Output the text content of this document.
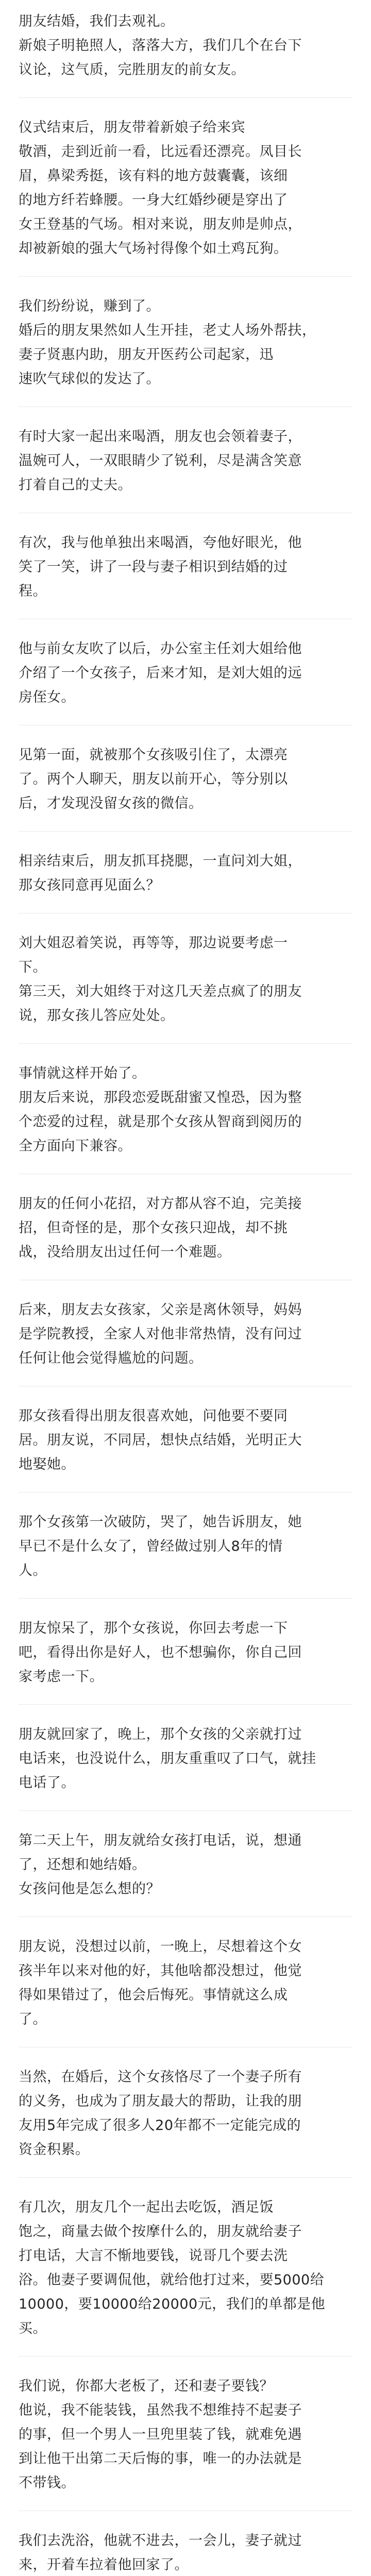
朋友结婚，我们去观礼。
新娘子明艳照人，落落大方，我们几个在台下
议论，这气质，完胜朋友的前女友。

仪式结束后，朋友带着新娘子给来宾
敬酒，走到近前一看，比远看还漂亮。凤目长
眉，鼻梁秀挺，该有料的地方鼓囊囊，该细
的地方纤若蜂腰。一身大红婚纱硬是穿出了
女王登基的气场。相对来说，朋友帅是帅点，
却被新娘的强大气场衬得像个如土鸡瓦狗。

我们纷纷说，赚到了。
婚后的朋友果然如人生开挂，老丈人场外帮扶，
妻子贤惠内助，朋友开医药公司起家，迅
速吹气球似的发达了。

有时大家一起出来喝酒，朋友也会领着妻子，
温婉可人，一双眼睛少了锐利，尽是满含笑意
打着自己的丈夫。

有次，我与他单独出来喝酒，夸他好眼光，他
笑了一笑，讲了一段与妻子相识到结婚的过
程。

他与前女友吹了以后，办公室主任刘大姐给他
介绍了一个女孩子，后来才知，是刘大姐的远
房侄女。

见第一面，就被那个女孩吸引住了，太漂亮
了。两个人聊天，朋友以前开心，等分别以
后，才发现没留女孩的微信。

相亲结束后，朋友抓耳挠腮，一直问刘大姐，
那女孩同意再见面么？

刘大姐忍着笑说，再等等，那边说要考虑一
下。
第三天，刘大姐终于对这几天差点疯了的朋友
说，那女孩儿答应处处。

事情就这样开始了。
朋友后来说，那段恋爱既甜蜜又惶恐，因为整
个恋爱的过程，就是那个女孩从智商到阅历的
全方面向下兼容。

朋友的任何小花招，对方都从容不迫，完美接
招，但奇怪的是，那个女孩只迎战，却不挑
战，没给朋友出过任何一个难题。

后来，朋友去女孩家，父亲是离休领导，妈妈
是学院教授，全家人对他非常热情，没有问过
任何让他会觉得尴尬的问题。

那女孩看得出朋友很喜欢她，问他要不要同
居。朋友说，不同居，想快点结婚，光明正大
地娶她。

那个女孩第一次破防，哭了，她告诉朋友，她
早已不是什么女了，曾经做过别人8年的情
人。

朋友惊呆了，那个女孩说，你回去考虑一下
吧，看得出你是好人，也不想骗你，你自己回
家考虑一下。

朋友就回家了，晚上，那个女孩的父亲就打过
电话来，也没说什么，朋友重重叹了口气，就挂
电话了。

第二天上午，朋友就给女孩打电话，说，想通
了，还想和她结婚。
女孩问他是怎么想的？

朋友说，没想过以前，一晚上，尽想着这个女
孩半年以来对他的好，其他啥都没想过，他觉
得如果错过了，他会后悔死。事情就这么成
了。

当然，在婚后，这个女孩恪尽了一个妻子所有
的义务，也成为了朋友最大的帮助，让我的朋
友用5年完成了很多人20年都不一定能完成的
资金积累。

有几次，朋友几个一起出去吃饭，酒足饭
饱之，商量去做个按摩什么的，朋友就给妻子
打电话，大言不惭地要钱，说哥几个要去洗
浴。他妻子要调侃他，就给他打过来，要5000给
10000，要10000给20000元，我们的单都是他
买。

我们说，你都大老板了，还和妻子要钱？
他说，我不能装钱，虽然我不想维持不起妻子
的事，但一个男人一旦兜里装了钱，就难免遇
到让他干出第二天后悔的事，唯一的办法就是
不带钱。

我们去洗浴，他就不进去，一会儿，妻子就过
来，开着车拉着他回家了。
